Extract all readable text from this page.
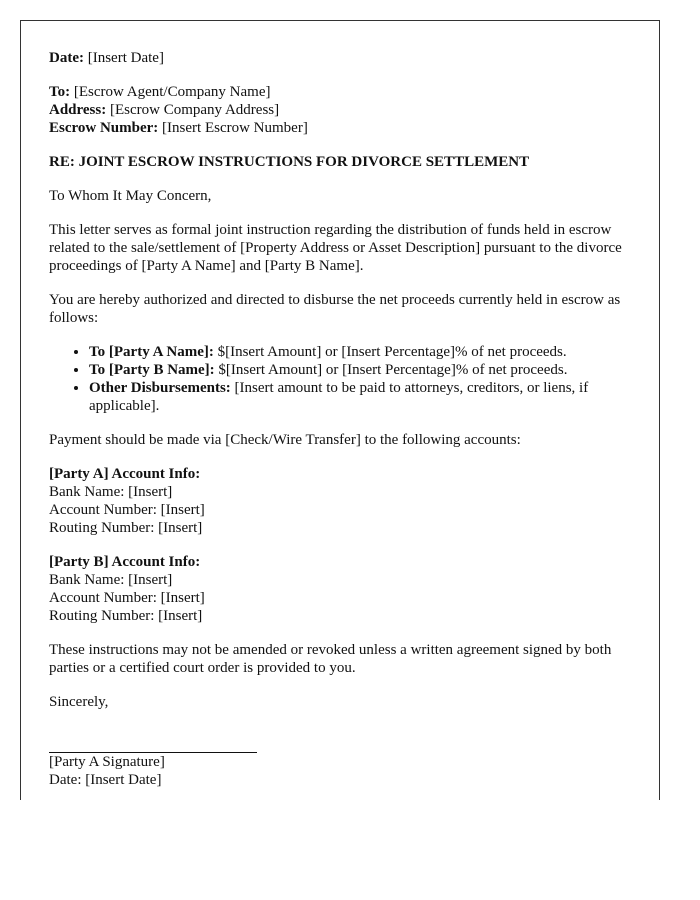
Date: [Insert Date]

To: [Escrow Agent/Company Name]
Address: [Escrow Company Address]
Escrow Number: [Insert Escrow Number]

RE: JOINT ESCROW INSTRUCTIONS FOR DIVORCE SETTLEMENT

To Whom It May Concern,

This letter serves as formal joint instruction regarding the distribution of funds held in escrow related to the sale/settlement of [Property Address or Asset Description] pursuant to the divorce proceedings of [Party A Name] and [Party B Name].

You are hereby authorized and directed to disburse the net proceeds currently held in escrow as follows:

• To [Party A Name]: $[Insert Amount] or [Insert Percentage]% of net proceeds.
• To [Party B Name]: $[Insert Amount] or [Insert Percentage]% of net proceeds.
• Other Disbursements: [Insert amount to be paid to attorneys, creditors, or liens, if applicable].

Payment should be made via [Check/Wire Transfer] to the following accounts:

[Party A] Account Info:
Bank Name: [Insert]
Account Number: [Insert]
Routing Number: [Insert]

[Party B] Account Info:
Bank Name: [Insert]
Account Number: [Insert]
Routing Number: [Insert]

These instructions may not be amended or revoked unless a written agreement signed by both parties or a certified court order is provided to you.

Sincerely,

[Party A Signature]
Date: [Insert Date]
